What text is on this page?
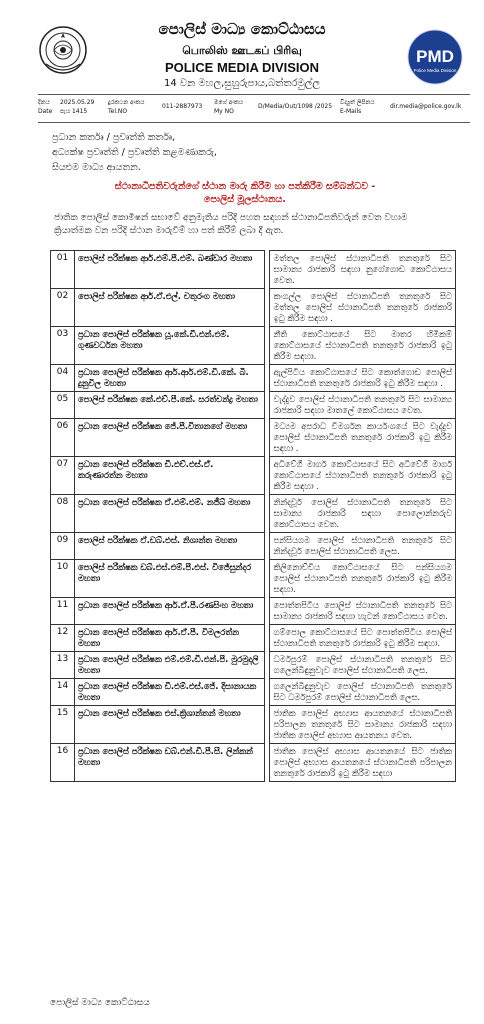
පොලිස් මාධ්‍ය කොට්ඨාසය
பொலிஸ் ஊடகப் பிரிவு
POLICE MEDIA DIVISION
14 වන මහල,සුහුරුපාය,බත්තරමුල්ල
PMD
Police Media Division
දිනය
Date
2025.05.29
පැය 1415
දුරකථන අංකය
Tel.NO
011-2887973
මගේ අංකය
My NO
D/Media/Out/1098 /2025
විද්‍යුත් ලිපිනය
E-Mails
dir.media@police.gov.lk
ප්‍රධාන කර්තෘ / ප්‍රවෘත්ති කර්තෘ,
අධ්‍යක්ෂ ප්‍රවෘත්ති / ප්‍රවෘත්ති කළමණාකරු,
සියළුම මාධ්‍ය ආයතන.
ස්ථානාධිපතිවරුන්ගේ ස්ථාන මාරු කිරීම හා පත්කිරීම සම්බන්ධව -
පොලිස් මූලස්ථානය.
ජාතික පොලිස් කොමිෂන් සභාවේ අනුමැතිය පරිදි පහත සඳහන් ස්ථානාධිපතිවරුන් වෙත වහාම ක්‍රියාත්මක වන පරිදි ස්ථාන මාරුවීම් හා පත් කිරීම් ලබා දී ඇත.
01	පොලිස් පරීක්ෂක ආර්.එම්.පී.එම්. බණ්ඩාර මහතා		මත්තල පොලිස් ස්ථානාධිපති තනතුරේ සිට සාමාන්‍ය රාජකාරි සඳහා නුගේගොඩ කොට්ඨාසය වෙත.
02	පොලිස් පරීක්ෂක ආර්.ඒ.එල්. චතුරංග මහතා		කංගල්ල පොලිස් ස්ථානාධිපති තනතුරේ සිට මත්තල පොලිස් ස්ථානාධිපති තනතුරේ රාජකාරි ඉටු කිරීම සඳහා .
03	ප්‍රධාන පොලිස් පරීක්ෂක යූ.කේ.ඩී.එන්.එම්. ගුණවර්ධන මහතා		නීති කොට්ඨාසයේ සිට මාතර හිමිකම් කොට්ඨාසයේ ස්ථානාධිපති තනතුරේ රාජකාරි ඉටු කිරීම සඳහා.
04	ප්‍රධාන පොලිස් පරීක්ෂක ආර්.ආර්.එම්.ඩී.කේ. බී. දුනුවිල මහතා		ඇල්පිටිය කොට්ඨාසයේ සිට කොත්ගොඩ පොලිස් ස්ථානාධිපති තනතුරේ රාජකාරි ඉටු කිරීම සඳහා .
05	පොලිස් පරීක්ෂක කේ.එච්.පී.කේ. සරත්චන්ද්‍ර මහතා		වැද්දුව පොලිස් ස්ථානාධිපති තනතුරේ සිට සාමාන්‍ය රාජකාරි සඳහා මාතලේ කොට්ඨාසය වෙත.
06	ප්‍රධාන පොලිස් පරීක්ෂක ජේ.පී.විතානගේ මහතා		මධ්‍යම අපරාධ විමර්ශන කාර්යංශයේ සිට වැද්දුව පොලිස් ස්ථානාධිපති තනතුරේ රාජකාරි ඉටු කිරීම සඳහා .
07	ප්‍රධාන පොලිස් පරීක්ෂක ඩී.එච්.එස්.ඒ. කරුණාරත්න මහතා		අධිවේගී මාර්ග කොට්ඨාසයේ සිට අධිවේගී මාර්ග කොට්ඨාසයේ ස්ථානාධිපති තනතුරේ රාජකාරි ඉටු කිරීම සඳහා .
08	ප්‍රධාන පොලිස් පරීක්ෂක ඒ.එම්.එම්. නජීබ් මහතා		නින්දවූර් පොලිස් ස්ථානාධිපති තනතුරේ සිට සාමාන්‍ය රාජකාරි සඳහා පොලොන්නරුව කොට්ඨාසය වෙත.
09	පොලිස් පරීක්ෂක ඒ.ඩබ්.එස්. නිශාන්ත මහතා		පන්සියගම පොලිස් ස්ථානාධිපති තනතුරේ සිට නින්දවූර් පොලිස් ස්ථානාධිපති ලෙස.
10	පොලිස් පරීක්ෂක ඩබ්.එස්.එම්.පී.එස්. විජේසුන්දර මහතා		කිලිනොච්චිය කොට්ඨාසයේ සිට පන්සියගම පොලිස් ස්ථානාධිපති තනතුරේ රාජකාරි ඉටු කිරීම සඳහා.
11	ප්‍රධාන පොලිස් පරීක්ෂක ආර්.ඒ.පී.රණසිංහ මහතා		පොත්තපිටිය පොලිස් ස්ථානාධිපති තනතුරේ සිට සාමාන්‍ය රාජකාරි සඳහා හැටන් කොට්ඨාසය වෙත.
12	ප්‍රධාන පොලිස් පරීක්ෂක ආර්.ඒ.පී. විමලරත්න මහතා		ගම්පොල කොට්ඨාසයේ සිට පොත්තපිටිය පොලිස් ස්ථානාධිපති තනතුරේ රාජකාරි ඉටු කිරීම සඳහා.
13	ප්‍රධාන පොලිස් පරීක්ෂක එම්.එම්.ඩී.එන්.පී. මුරමුදලි මහතා		ධර්මපුරම් පොලිස් ස්ථානාධිපති තනතුරේ සිට ගලෙන්බිඳුනුවැව පොලිස් ස්ථානාධිපති ලෙස.
14	ප්‍රධාන පොලිස් පරීක්ෂක ඩී.එම්.එස්.ජේ. දිසානායක මහතා		ගලෙන්බිඳුනුවැව පොලිස් ස්ථානාධිපති තනතුරේ සිට ධර්මපුරම් පොලිස් ස්ථානාධිපති ලෙස.
15	ප්‍රධාන පොලිස් පරීක්ෂක එස්.ක්‍රිශාන්තන් මහතා		ජාතික පොලිස් අභ්‍යාස ආයතනයේ ස්ථානාධිපති පරිපාලන තනතුරේ සිට සාමාන්‍ය රාජකාරි සඳහා ජාතික පොලිස් අභ්‍යාස ආයතනය වෙත.
16	ප්‍රධාන පොලිස් පරීක්ෂක ඩබ්.එන්.ඩී.පී.සී. ලින්කන් මහතා		ජාතික පොලිස් අභ්‍යාස ආයතනයේ සිට ජාතික පොලිස් අභ්‍යාස ආයතනයේ ස්ථානාධිපති පරිපාලන තනතුරේ රාජකාරි ඉටු කිරීම සඳහා
පොලිස් මාධ්‍ය කොට්ඨාසය
